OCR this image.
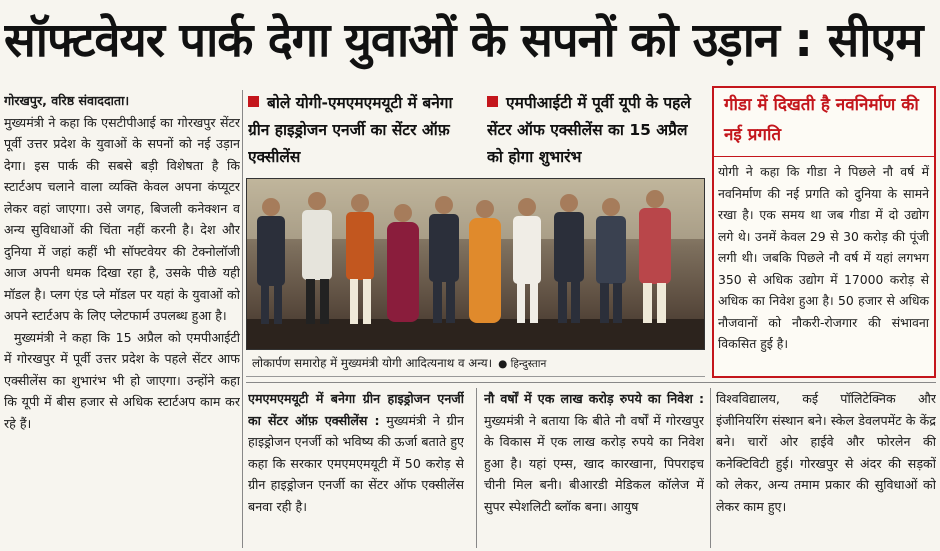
सॉफ्टवेयर पार्क देगा युवाओं के सपनों को उड़ान : सीएम

गोरखपुर, वरिष्ठ संवाददाता।

मुख्यमंत्री ने कहा कि एसटीपीआई का गोरखपुर सेंटर पूर्वी उत्तर प्रदेश के युवाओं के सपनों को नई उड़ान देगा। इस पार्क की सबसे बड़ी विशेषता है कि स्टार्टअप चलाने वाला व्यक्ति केवल अपना कंप्यूटर लेकर वहां जाएगा। उसे जगह, बिजली कनेक्शन व अन्य सुविधाओं की चिंता नहीं करनी है। देश और दुनिया में जहां कहीं भी सॉफ्टवेयर की टेक्नोलॉजी आज अपनी धमक दिखा रहा है, उसके पीछे यही मॉडल है। प्लग एंड प्ले मॉडल पर यहां के युवाओं को अपने स्टार्टअप के लिए प्लेटफार्म उपलब्ध हुआ है।

मुख्यमंत्री ने कहा कि 15 अप्रैल को एमपीआईटी में गोरखपुर में पूर्वी उत्तर प्रदेश के पहले सेंटर आफ एक्सीलेंस का शुभारंभ भी हो जाएगा। उन्होंने कहा कि यूपी में बीस हजार से अधिक स्टार्टअप काम कर रहे हैं।

बोले योगी-एमएमएमयूटी में बनेगा ग्रीन हाइड्रोजन एनर्जी का सेंटर ऑफ़ एक्सीलेंस
एमपीआईटी में पूर्वी यूपी के पहले सेंटर ऑफ एक्सीलेंस का 15 अप्रैल को होगा शुभारंभ
लोकार्पण समारोह में मुख्यमंत्री योगी आदित्यनाथ व अन्य। ● हिन्दुस्तान
गीडा में दिखती है नवनिर्माण की नई प्रगति
योगी ने कहा कि गीडा ने पिछले नौ वर्ष में नवनिर्माण की नई प्रगति को दुनिया के सामने रखा है। एक समय था जब गीडा में दो उद्योग लगे थे। उनमें केवल 29 से 30 करोड़ की पूंजी लगी थी। जबकि पिछले नौ वर्ष में यहां लगभग 350 से अधिक उद्योग में 17000 करोड़ से अधिक का निवेश हुआ है। 50 हजार से अधिक नौजवानों को नौकरी-रोजगार की संभावना विकसित हुई है।
एमएमएमयूटी में बनेगा ग्रीन हाइड्रोजन एनर्जी का सेंटर ऑफ़ एक्सीलेंस : मुख्यमंत्री ने ग्रीन हाइड्रोजन एनर्जी को भविष्य की ऊर्जा बताते हुए कहा कि सरकार एमएमएमयूटी में 50 करोड़ से ग्रीन हाइड्रोजन एनर्जी का सेंटर ऑफ एक्सीलेंस बनवा रही है।
नौ वर्षों में एक लाख करोड़ रुपये का निवेश : मुख्यमंत्री ने बताया कि बीते नौ वर्षों में गोरखपुर के विकास में एक लाख करोड़ रुपये का निवेश हुआ है। यहां एम्स, खाद कारखाना, पिपराइच चीनी मिल बनी। बीआरडी मेडिकल कॉलेज में सुपर स्पेशलिटी ब्लॉक बना। आयुष
विश्वविद्यालय, कई पॉलिटेक्निक और इंजीनियरिंग संस्थान बने। स्केल डेवलपमेंट के केंद्र बने। चारों ओर हाईवे और फोरलेन की कनेक्टिविटी हुई। गोरखपुर से अंदर की सड़कों को लेकर, अन्य तमाम प्रकार की सुविधाओं को लेकर काम हुए।
